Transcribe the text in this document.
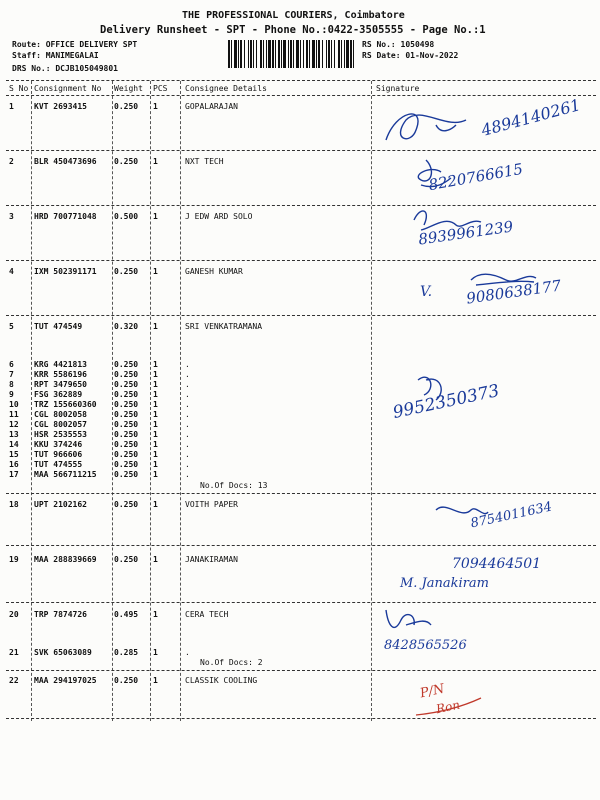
THE PROFESSIONAL COURIERS, Coimbatore
Delivery Runsheet - SPT - Phone No.:0422-3505555 - Page No.:1
Route: OFFICE DELIVERY SPT
Staff: MANIMEGALAI
DRS No.: DCJB105049801
RS No.: 1050498
RS Date: 01-Nov-2022
S No Consignment No Weight PCS Consignee Details	Signature
1	KVT 2693415	0.250 1	GOPALARAJAN
2	BLR 450473696 0.250 1	NXT TECH
3	HRD 700771048 0.500 1	J EDW ARD SOLO
4	IXM 502391171 0.250 1	GANESH KUMAR
5	TUT 474549	0.320 1	SRI VENKATRAMANA
6	KRG 4421813	0.250 1	.
7	KRR 5586196	0.250 1	.
8	RPT 3479650	0.250 1	.
9	FSG 362889	0.250 1	.
10 TRZ 155660360 0.250 1	.
11 CGL 8002058	0.250 1	.
12 CGL 8002057	0.250 1	.
13 HSR 2535553	0.250 1	.
14 KKU 374246	0.250 1	.
15 TUT 966606	0.250 1	.
16 TUT 474555	0.250 1	.
17 MAA 566711215 0.250 1	.
No.Of Docs: 13
18 UPT 2102162	0.250 1	VOITH PAPER
19 MAA 288839669 0.250 1	JANAKIRAMAN
20 TRP 7874726	0.495 1	CERA TECH
21 SVK 65063089	0.285 1	.
No.Of Docs: 2
22 MAA 294197025 0.250 1	CLASSIK COOLING
4894140261
8220766615
8939961239
V. 9080638177
9952350373
8754011634
7094464501
M. Janakiram
8428565526
P/N
Ron
